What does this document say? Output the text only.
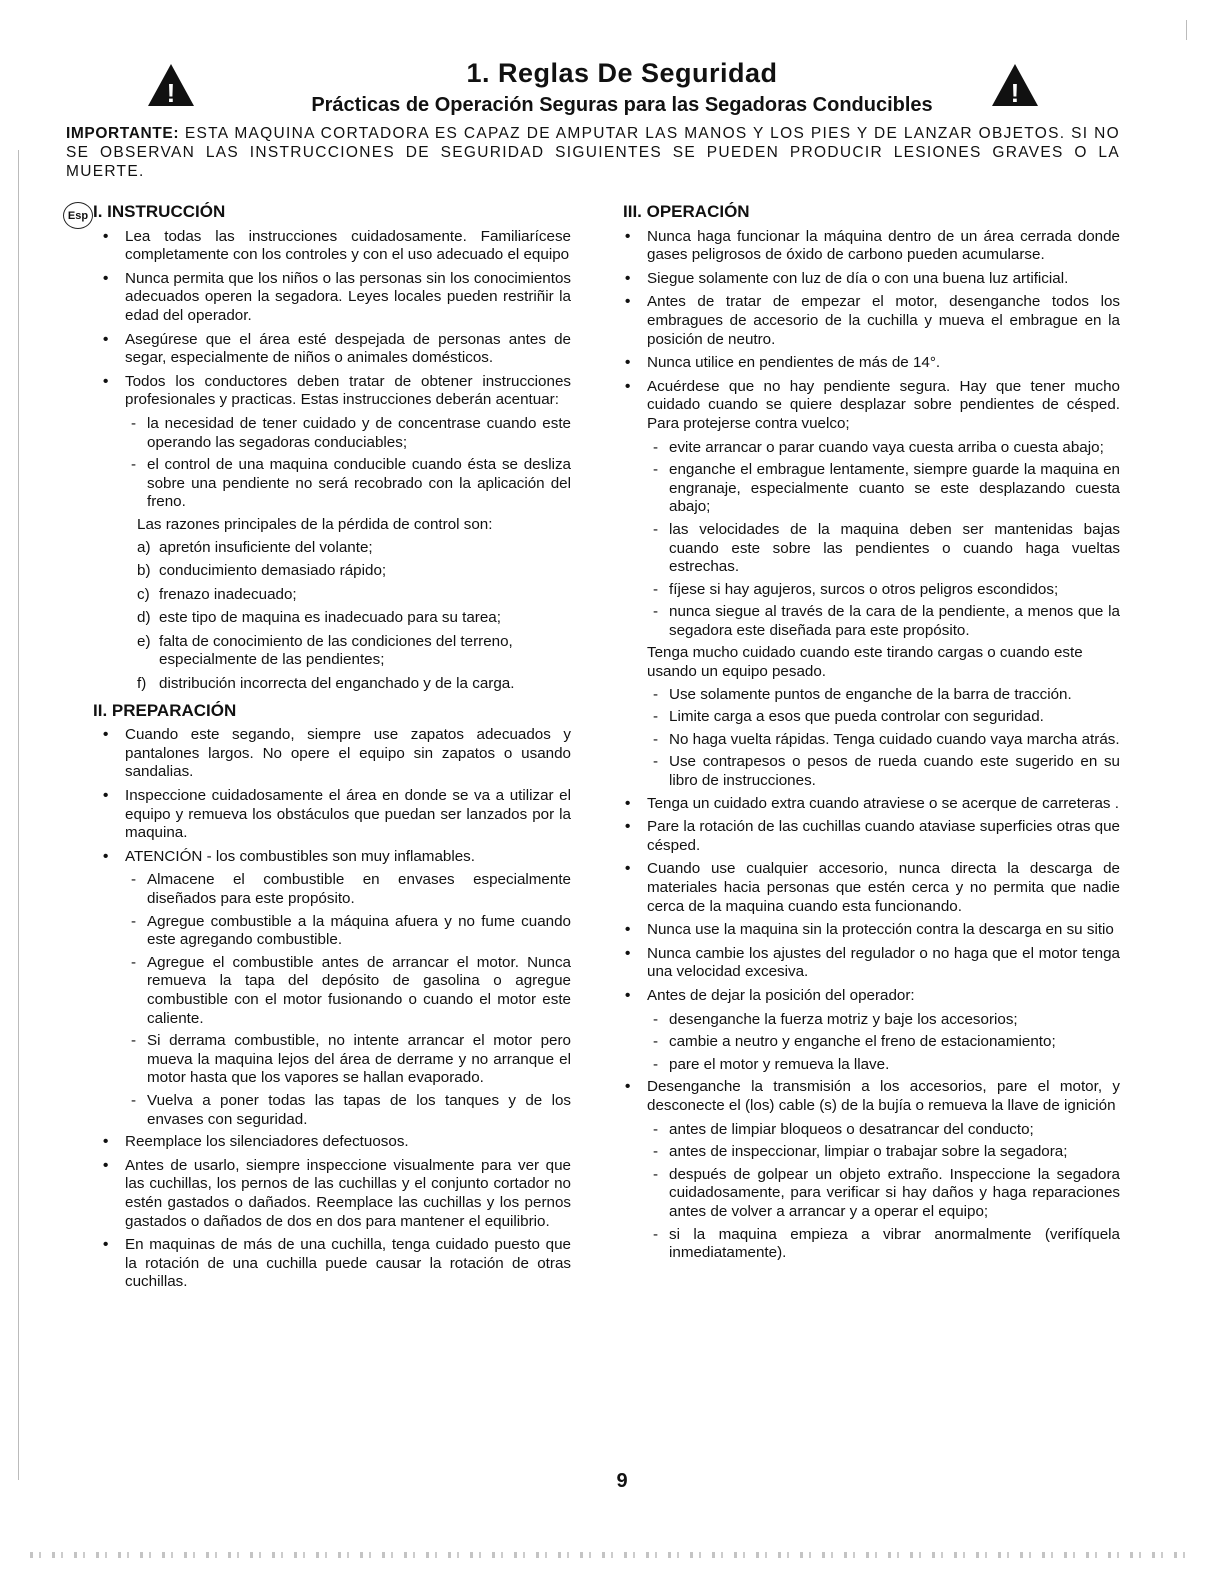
!	!
1. Reglas De Seguridad
Prácticas de Operación Seguras para las Segadoras Conducibles

IMPORTANTE: ESTA MAQUINA CORTADORA ES CAPAZ DE AMPUTAR LAS MANOS Y LOS PIES Y DE LANZAR OBJETOS. SI NO SE OBSERVAN LAS INSTRUCCIONES DE SEGURIDAD SIGUIENTES SE PUEDEN PRODUCIR LESIONES GRAVES O LA MUERTE.

Esp I. INSTRUCCIÓN
• Lea todas las instrucciones cuidadosamente. Familiarícese completamente con los controles y con el uso adecuado el equipo
• Nunca permita que los niños o las personas sin los conocimientos adecuados operen la segadora. Leyes locales pueden restriñir la edad del operador.
• Asegúrese que el área esté despejada de personas antes de segar, especialmente de niños o animales domésticos.
• Todos los conductores deben tratar de obtener instrucciones profesionales y practicas. Estas instrucciones deberán acentuar:
- la necesidad de tener cuidado y de concentrase cuando este operando las segadoras conduciables;
- el control de una maquina conducible cuando ésta se desliza sobre una pendiente no será recobrado con la aplicación del freno.
Las razones principales de la pérdida de control son:
a) apretón insuficiente del volante;
b) conducimiento demasiado rápido;
c) frenazo inadecuado;
d) este tipo de maquina es inadecuado para su tarea;
e) falta de conocimiento de las condiciones del terreno, especialmente de las pendientes;
f) distribución incorrecta del enganchado y de la carga.
II. PREPARACIÓN
• Cuando este segando, siempre use zapatos adecuados y pantalones largos. No opere el equipo sin zapatos o usando sandalias.
• Inspeccione cuidadosamente el área en donde se va a utilizar el equipo y remueva los obstáculos que puedan ser lanzados por la maquina.
• ATENCIÓN - los combustibles son muy inflamables.
- Almacene el combustible en envases especialmente diseñados para este propósito.
- Agregue combustible a la máquina afuera y no fume cuando este agregando combustible.
- Agregue el combustible antes de arrancar el motor. Nunca remueva la tapa del depósito de gasolina o agregue combustible con el motor fusionando o cuando el motor este caliente.
- Si derrama combustible, no intente arrancar el motor pero mueva la maquina lejos del área de derrame y no arranque el motor hasta que los vapores se hallan evaporado.
- Vuelva a poner todas las tapas de los tanques y de los envases con seguridad.
• Reemplace los silenciadores defectuosos.
• Antes de usarlo, siempre inspeccione visualmente para ver que las cuchillas, los pernos de las cuchillas y el conjunto cortador no estén gastados o dañados. Reemplace las cuchillas y los pernos gastados o dañados de dos en dos para mantener el equilibrio.
• En maquinas de más de una cuchilla, tenga cuidado puesto que la rotación de una cuchilla puede causar la rotación de otras cuchillas.
III. OPERACIÓN
• Nunca haga funcionar la máquina dentro de un área cerrada donde gases peligrosos de óxido de carbono pueden acumularse.
• Siegue solamente con luz de día o con una buena luz artificial.
• Antes de tratar de empezar el motor, desenganche todos los embragues de accesorio de la cuchilla y mueva el embrague en la posición de neutro.
• Nunca utilice en pendientes de más de 14°.
• Acuérdese que no hay pendiente segura. Hay que tener mucho cuidado cuando se quiere desplazar sobre pendientes de césped. Para protejerse contra vuelco;
- evite arrancar o parar cuando vaya cuesta arriba o cuesta abajo;
- enganche el embrague lentamente, siempre guarde la maquina en engranaje, especialmente cuanto se este desplazando cuesta abajo;
- las velocidades de la maquina deben ser mantenidas bajas cuando este sobre las pendientes o cuando haga vueltas estrechas.
- fíjese si hay agujeros, surcos o otros peligros escondidos;
- nunca siegue al través de la cara de la pendiente, a menos que la segadora este diseñada para este propósito.
Tenga mucho cuidado cuando este tirando cargas o cuando este usando un equipo pesado.
- Use solamente puntos de enganche de la barra de tracción.
- Limite carga a esos que pueda controlar con seguridad.
- No haga vuelta rápidas. Tenga cuidado cuando vaya marcha atrás.
- Use contrapesos o pesos de rueda cuando este sugerido en su libro de instrucciones.
• Tenga un cuidado extra cuando atraviese o se acerque de carreteras .
• Pare la rotación de las cuchillas cuando ataviase superficies otras que césped.
• Cuando use cualquier accesorio, nunca directa la descarga de materiales hacia personas que estén cerca y no permita que nadie cerca de la maquina cuando esta funcionando.
• Nunca use la maquina sin la protección contra la descarga en su sitio
• Nunca cambie los ajustes del regulador o no haga que el motor tenga una velocidad excesiva.
• Antes de dejar la posición del operador:
- desenganche la fuerza motriz y baje los accesorios;
- cambie a neutro y enganche el freno de estacionamiento;
- pare el motor y remueva la llave.
• Desenganche la transmisión a los accesorios, pare el motor, y desconecte el (los) cable (s) de la bujía o remueva la llave de ignición
- antes de limpiar bloqueos o desatrancar del conducto;
- antes de inspeccionar, limpiar o trabajar sobre la segadora;
- después de golpear un objeto extraño. Inspeccione la segadora cuidadosamente, para verificar si hay daños y haga reparaciones antes de volver a arrancar y a operar el equipo;
- si la maquina empieza a vibrar anormalmente (verifíquela inmediatamente).
9
